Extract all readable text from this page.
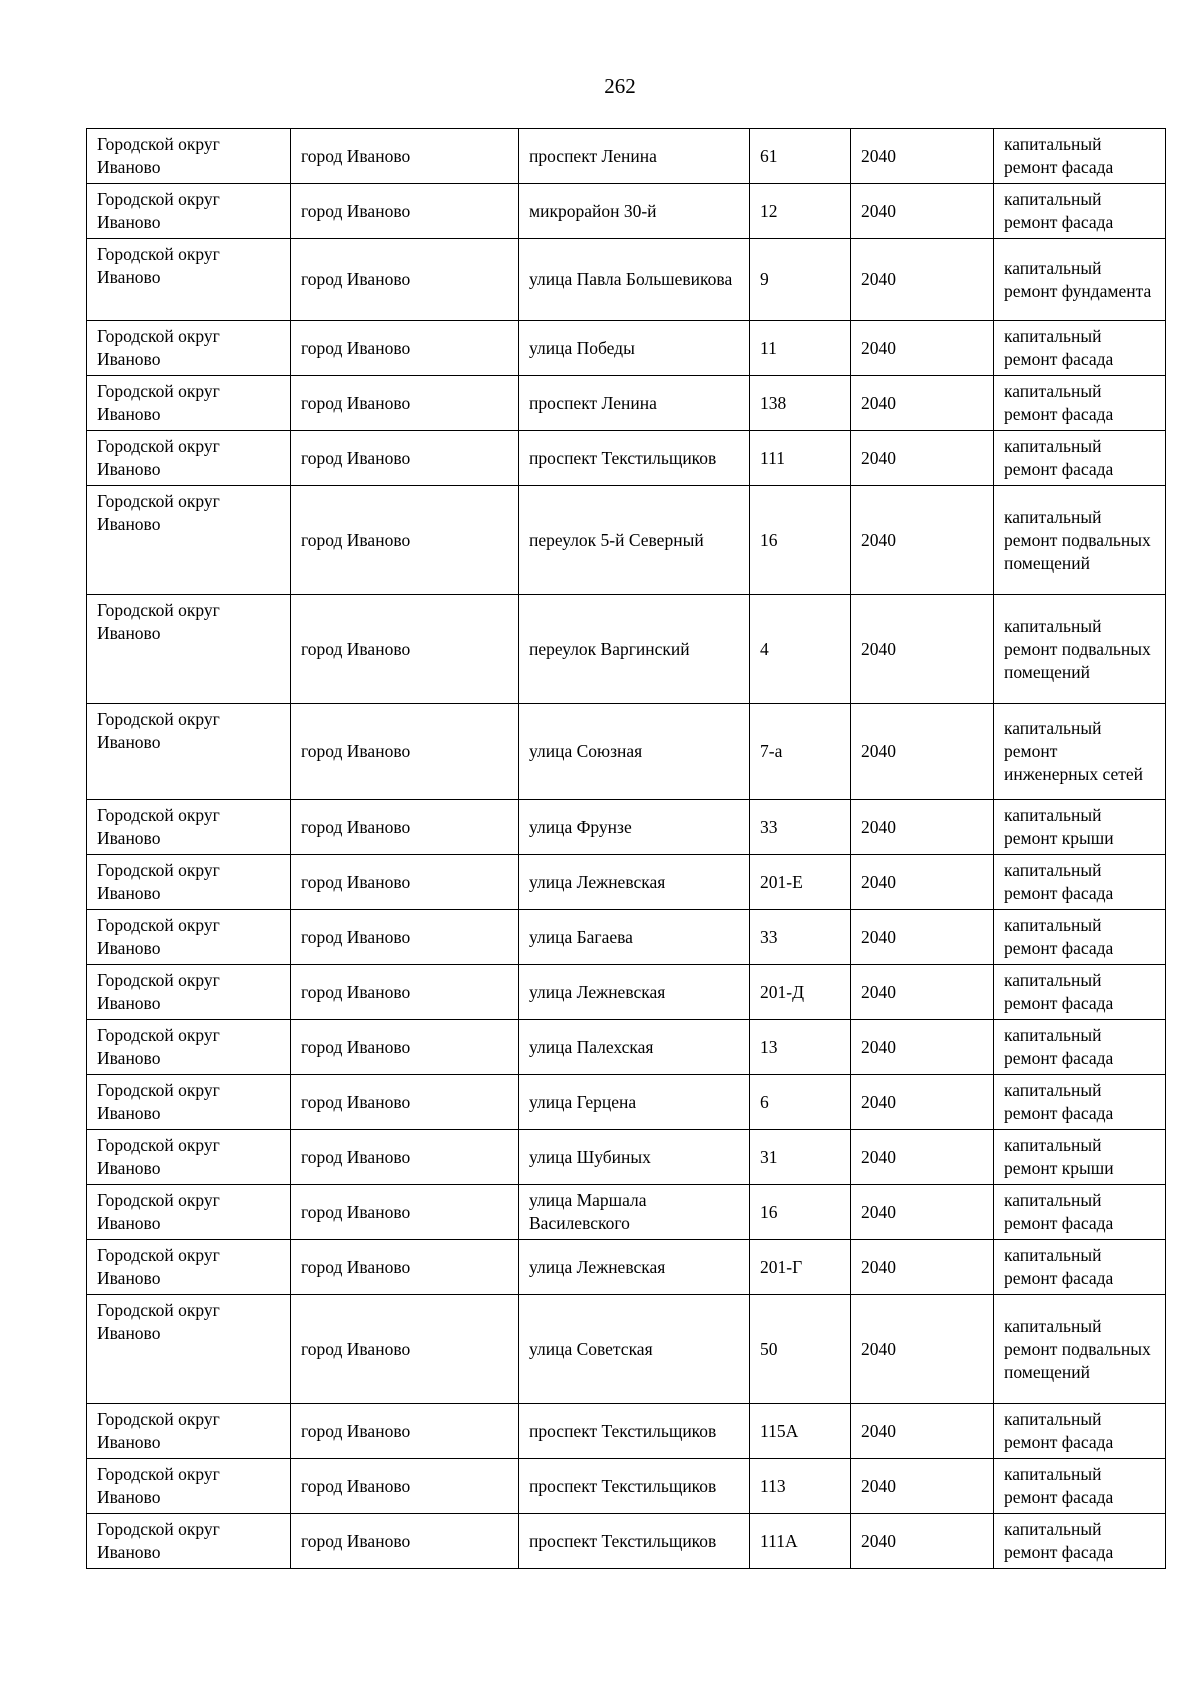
262
Городской округ Иваново	город Иваново	проспект Ленина	61	2040	капитальный ремонт фасада
Городской округ Иваново	город Иваново	микрорайон 30-й	12	2040	капитальный ремонт фасада
Городской округ Иваново	город Иваново	улица Павла Большевикова	9	2040	капитальный ремонт фундамента
Городской округ Иваново	город Иваново	улица Победы	11	2040	капитальный ремонт фасада
Городской округ Иваново	город Иваново	проспект Ленина	138	2040	капитальный ремонт фасада
Городской округ Иваново	город Иваново	проспект Текстильщиков	111	2040	капитальный ремонт фасада
Городской округ Иваново	город Иваново	переулок 5-й Северный	16	2040	капитальный ремонт подвальных помещений
Городской округ Иваново	город Иваново	переулок Варгинский	4	2040	капитальный ремонт подвальных помещений
Городской округ Иваново	город Иваново	улица Союзная	7-а	2040	капитальный ремонт инженерных сетей
Городской округ Иваново	город Иваново	улица Фрунзе	33	2040	капитальный ремонт крыши
Городской округ Иваново	город Иваново	улица Лежневская	201-Е	2040	капитальный ремонт фасада
Городской округ Иваново	город Иваново	улица Багаева	33	2040	капитальный ремонт фасада
Городской округ Иваново	город Иваново	улица Лежневская	201-Д	2040	капитальный ремонт фасада
Городской округ Иваново	город Иваново	улица Палехская	13	2040	капитальный ремонт фасада
Городской округ Иваново	город Иваново	улица Герцена	6	2040	капитальный ремонт фасада
Городской округ Иваново	город Иваново	улица Шубиных	31	2040	капитальный ремонт крыши
Городской округ Иваново	город Иваново	улица Маршала Василевского	16	2040	капитальный ремонт фасада
Городской округ Иваново	город Иваново	улица Лежневская	201-Г	2040	капитальный ремонт фасада
Городской округ Иваново	город Иваново	улица Советская	50	2040	капитальный ремонт подвальных помещений
Городской округ Иваново	город Иваново	проспект Текстильщиков	115А	2040	капитальный ремонт фасада
Городской округ Иваново	город Иваново	проспект Текстильщиков	113	2040	капитальный ремонт фасада
Городской округ Иваново	город Иваново	проспект Текстильщиков	111А	2040	капитальный ремонт фасада
